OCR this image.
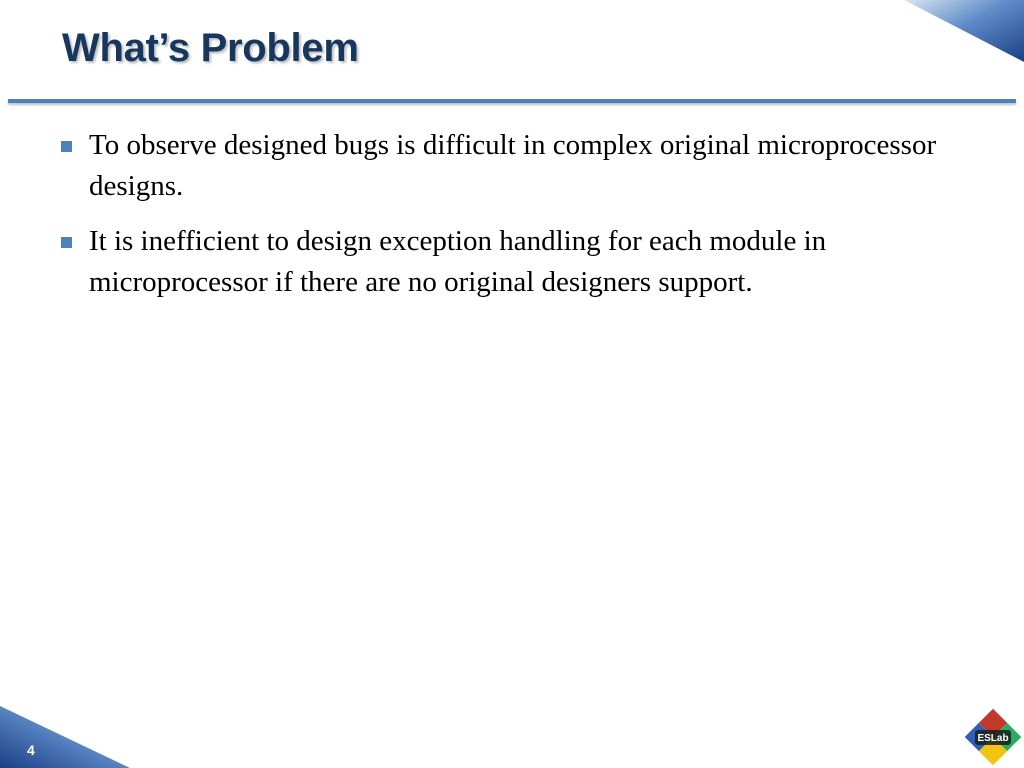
What’s Problem
To observe designed bugs is difficult in complex original microprocessor designs.
It is inefficient to design exception handling for each module in microprocessor if there are no original designers support.
4
ESLab
